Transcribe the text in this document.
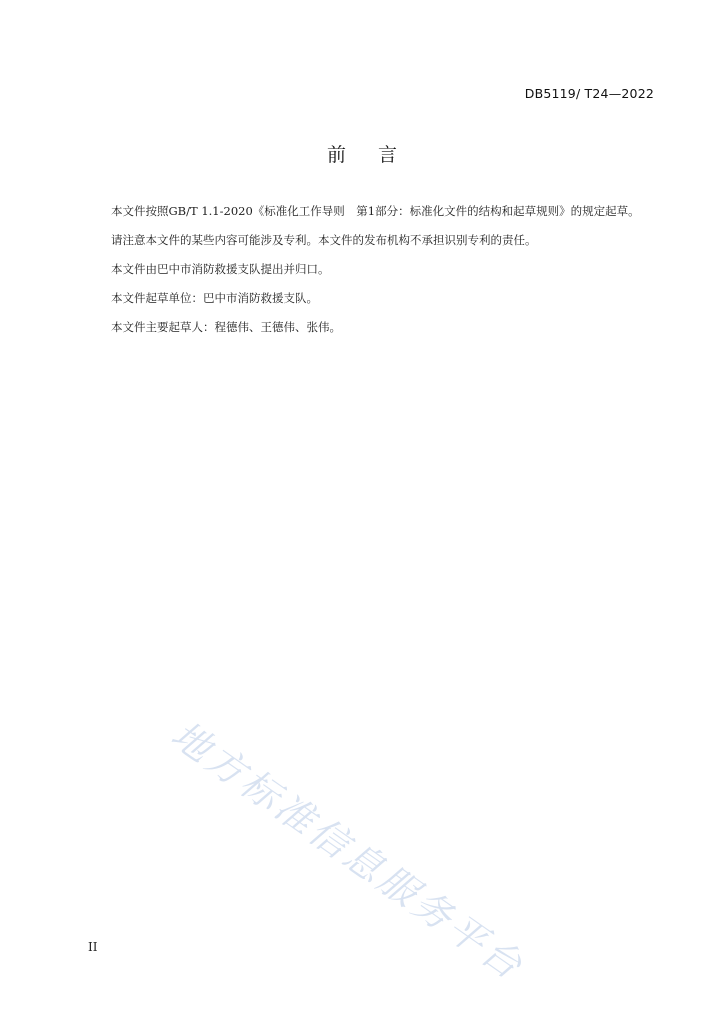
DB5119/ T24—2022
前 言

本文件按照GB/T 1.1-2020《标准化工作导则　第1部分：标准化文件的结构和起草规则》的规定起草。

请注意本文件的某些内容可能涉及专利。本文件的发布机构不承担识别专利的责任。

本文件由巴中市消防救援支队提出并归口。

本文件起草单位：巴中市消防救援支队。

本文件主要起草人：程德伟、王德伟、张伟。

地方标准信息服务平台
II
